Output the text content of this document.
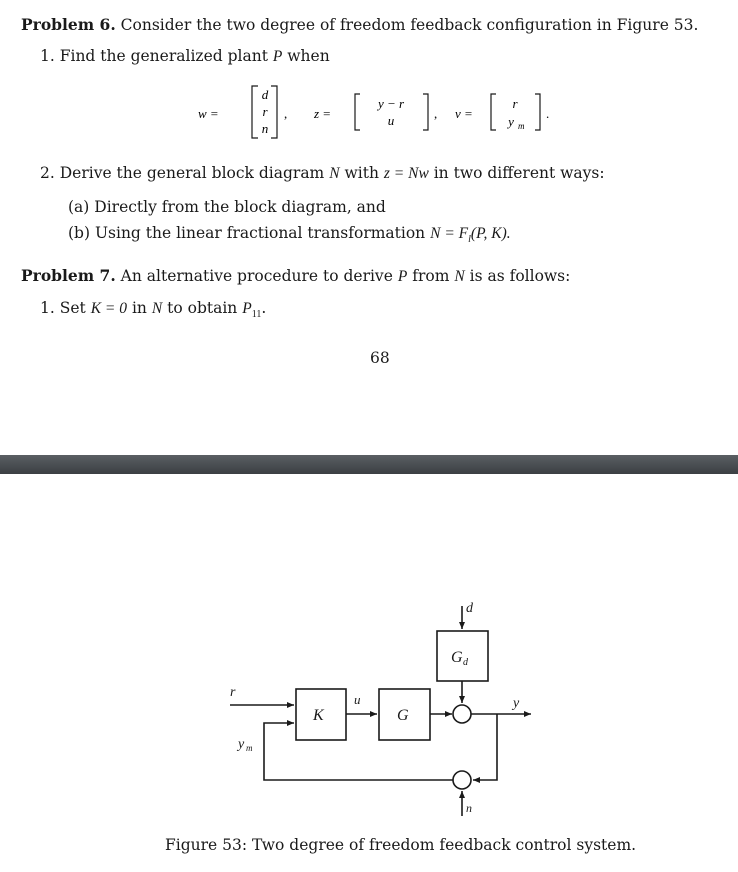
Problem 6. Consider the two degree of freedom feedback configuration in Figure 53.
1. Find the generalized plant P when
w =
d
r
n
, z =
y − r
u	, v =
r
y m
.
2. Derive the general block diagram N with z = Nw in two different ways:
(a) Directly from the block diagram, and
(b) Using the linear fractional transformation $N = F_l(P$, K).
Problem 7. An alternative procedure to derive P from N is as follows:
1. Set K = 0 in N to obtain $P_{11}$.
68
d
G d
r
K
u
G
y
y m
n
Figure 53: Two degree of freedom feedback control system.
